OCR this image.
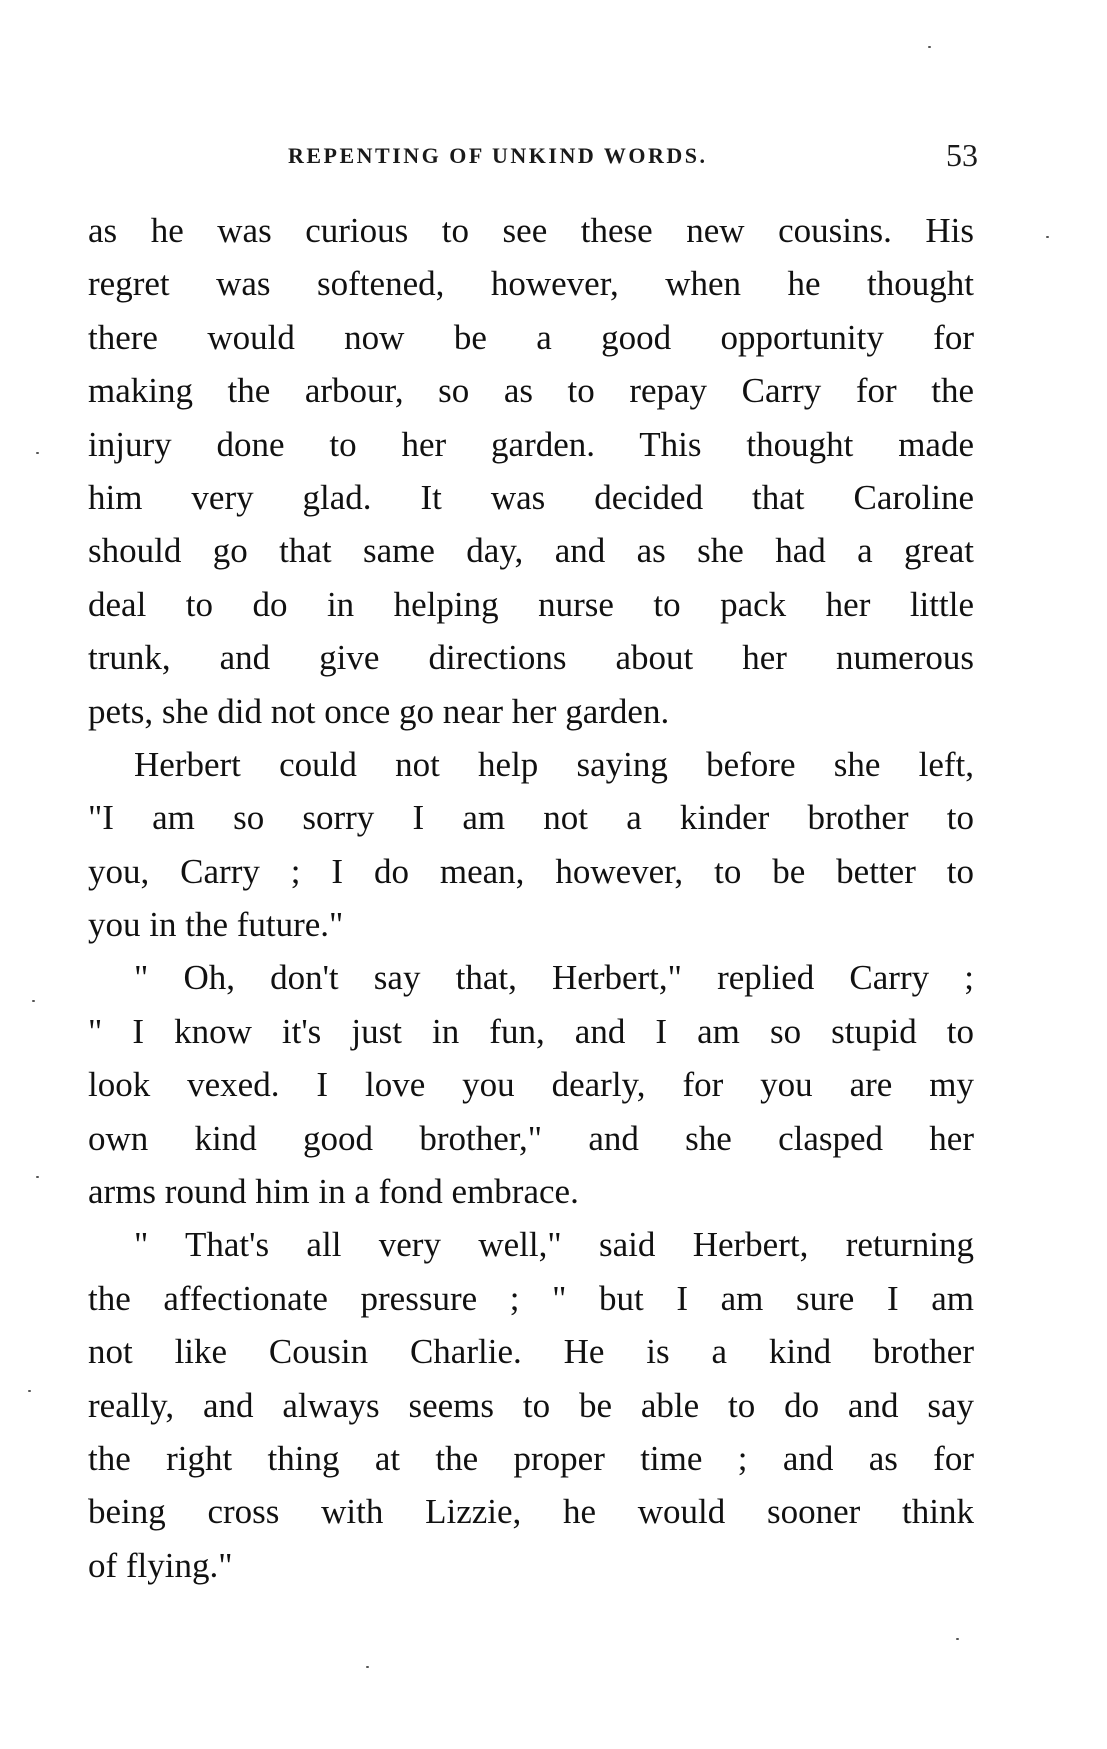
REPENTING OF UNKIND WORDS.	53
as he was curious to see these new cousins. His
regret was softened, however, when he thought
there would now be a good opportunity for
making the arbour, so as to repay Carry for the
injury done to her garden. This thought made
him very glad. It was decided that Caroline
should go that same day, and as she had a great
deal to do in helping nurse to pack her little
trunk, and give directions about her numerous
pets, she did not once go near her garden.
Herbert could not help saying before she left,
"I am so sorry I am not a kinder brother to
you, Carry ; I do mean, however, to be better to
you in the future."
" Oh, don't say that, Herbert," replied Carry ;
" I know it's just in fun, and I am so stupid to
look vexed. I love you dearly, for you are my
own kind good brother," and she clasped her
arms round him in a fond embrace.
" That's all very well," said Herbert, returning
the affectionate pressure ; " but I am sure I am
not like Cousin Charlie. He is a kind brother
really, and always seems to be able to do and say
the right thing at the proper time ; and as for
being cross with Lizzie, he would sooner think
of flying."
